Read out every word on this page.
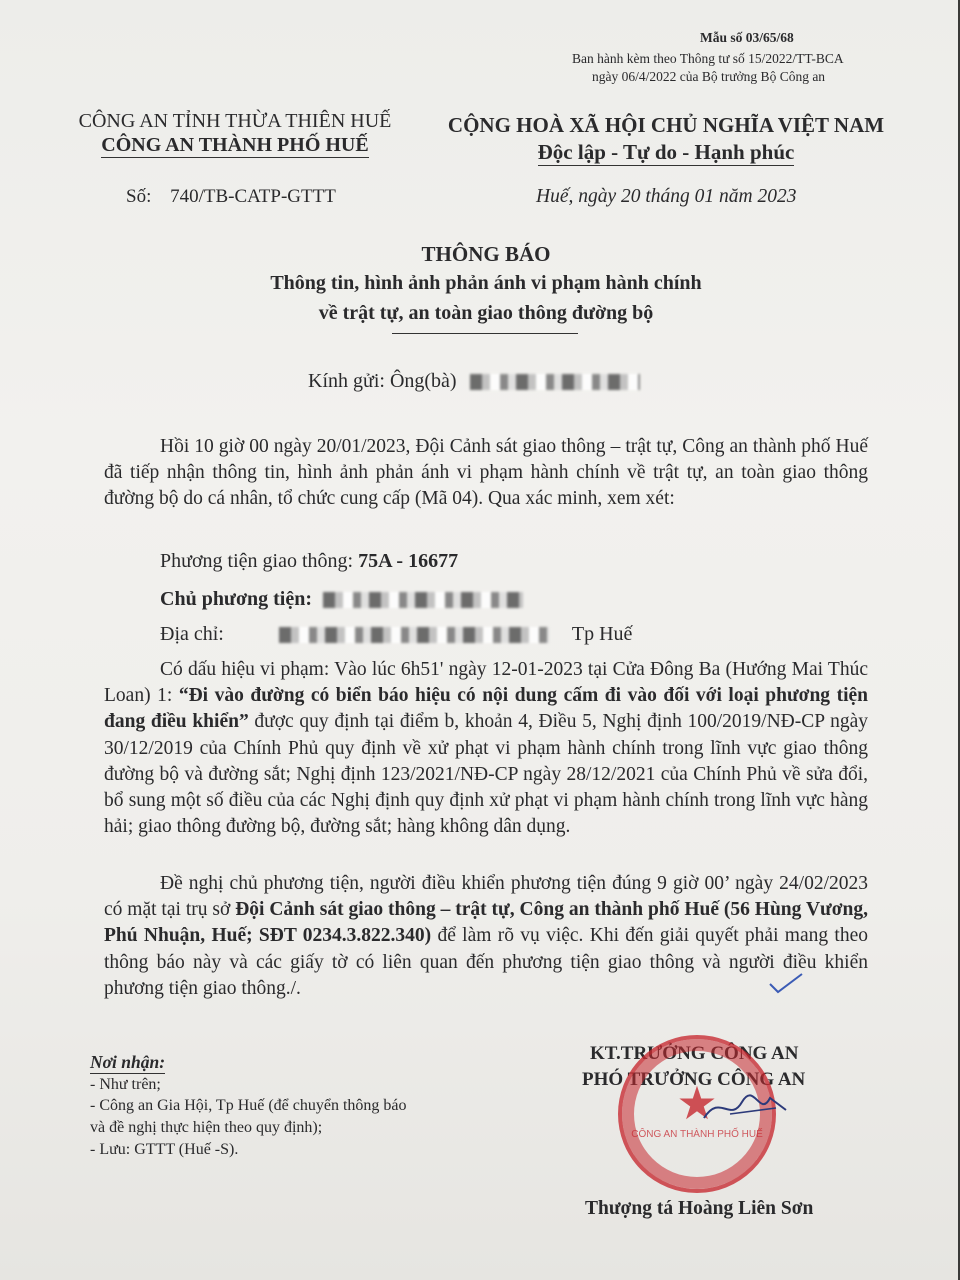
Mẫu số 03/65/68
Ban hành kèm theo Thông tư số 15/2022/TT-BCA
ngày 06/4/2022 của Bộ trưởng Bộ Công an
CÔNG AN TỈNH THỪA THIÊN HUẾ
CÔNG AN THÀNH PHỐ HUẾ
Số: 740/TB-CATP-GTTT
CỘNG HOÀ XÃ HỘI CHỦ NGHĨA VIỆT NAM
Độc lập - Tự do - Hạnh phúc
Huế, ngày 20 tháng 01 năm 2023
THÔNG BÁO
Thông tin, hình ảnh phản ánh vi phạm hành chính
về trật tự, an toàn giao thông đường bộ
Kính gửi: Ông(bà)
Hồi 10 giờ 00 ngày 20/01/2023, Đội Cảnh sát giao thông – trật tự, Công an thành phố Huế đã tiếp nhận thông tin, hình ảnh phản ánh vi phạm hành chính về trật tự, an toàn giao thông đường bộ do cá nhân, tổ chức cung cấp (Mã 04). Qua xác minh, xem xét:
Phương tiện giao thông: 75A - 16677
Chủ phương tiện:
Địa chỉ:	Tp Huế
Có dấu hiệu vi phạm: Vào lúc 6h51' ngày 12-01-2023 tại Cửa Đông Ba (Hướng Mai Thúc Loan) 1: “Đi vào đường có biển báo hiệu có nội dung cấm đi vào đối với loại phương tiện đang điều khiển” được quy định tại điểm b, khoản 4, Điều 5, Nghị định 100/2019/NĐ-CP ngày 30/12/2019 của Chính Phủ quy định về xử phạt vi phạm hành chính trong lĩnh vực giao thông đường bộ và đường sắt; Nghị định 123/2021/NĐ-CP ngày 28/12/2021 của Chính Phủ về sửa đổi, bổ sung một số điều của các Nghị định quy định xử phạt vi phạm hành chính trong lĩnh vực hàng hải; giao thông đường bộ, đường sắt; hàng không dân dụng.
Đề nghị chủ phương tiện, người điều khiển phương tiện đúng 9 giờ 00’ ngày 24/02/2023 có mặt tại trụ sở Đội Cảnh sát giao thông – trật tự, Công an thành phố Huế (56 Hùng Vương, Phú Nhuận, Huế; SĐT 0234.3.822.340) để làm rõ vụ việc. Khi đến giải quyết phải mang theo thông báo này và các giấy tờ có liên quan đến phương tiện giao thông và người điều khiển phương tiện giao thông./.
Nơi nhận:
- Như trên;
- Công an Gia Hội, Tp Huế (để chuyển thông báo
và đề nghị thực hiện theo quy định);
- Lưu: GTTT (Huế -S).
KT.TRƯỞNG CÔNG AN
PHÓ TRƯỞNG CÔNG AN
★
CÔNG AN THÀNH PHỐ HUẾ
Thượng tá Hoàng Liên Sơn
